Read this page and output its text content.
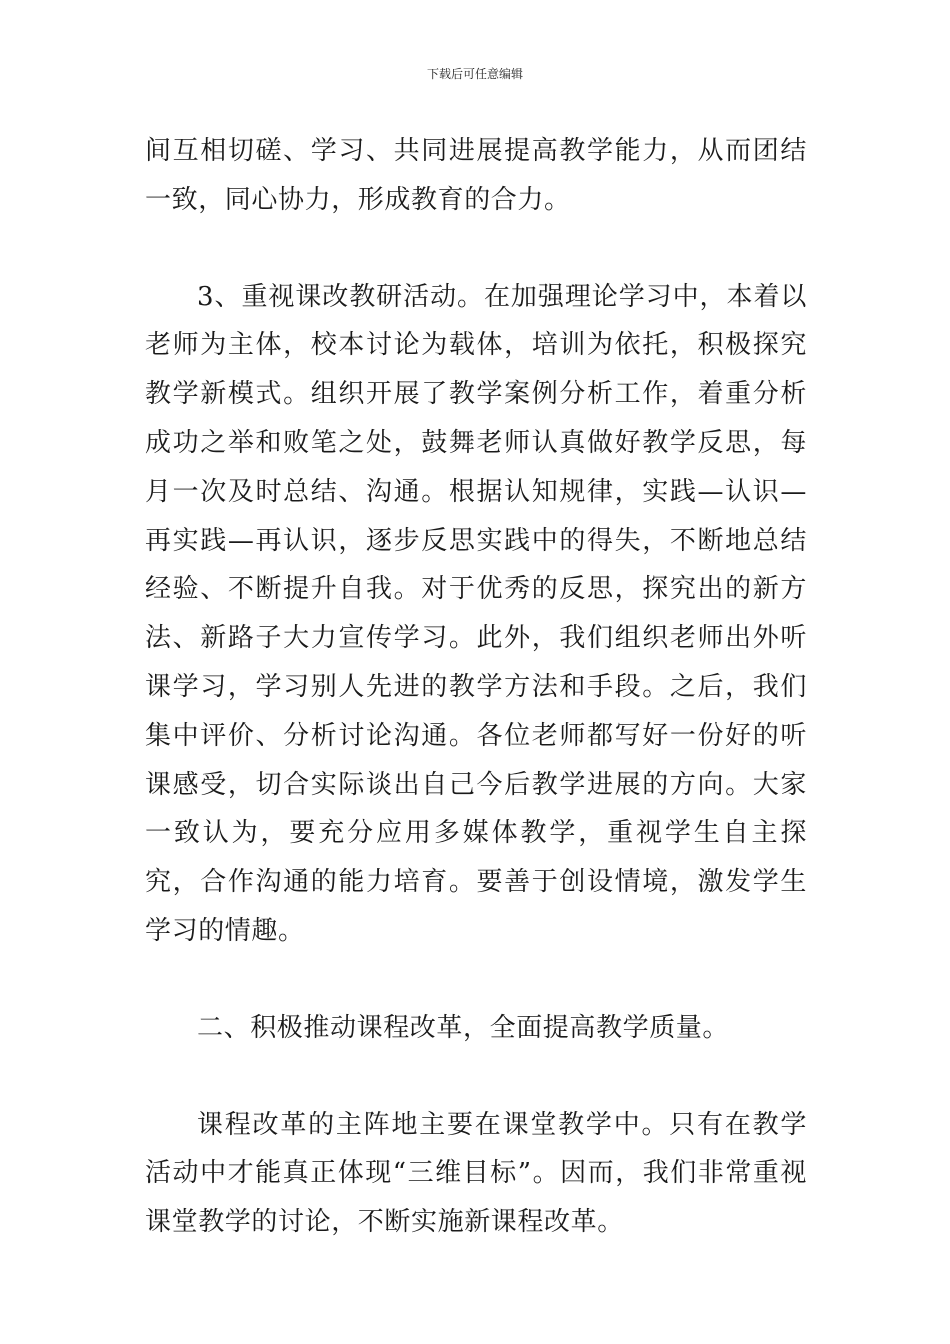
下载后可任意编辑

间互相切磋、学习、共同进展提高教学能力，从而团结一致，同心协力，形成教育的合力。

3、重视课改教研活动。在加强理论学习中，本着以老师为主体，校本讨论为载体，培训为依托，积极探究教学新模式。组织开展了教学案例分析工作，着重分析成功之举和败笔之处，鼓舞老师认真做好教学反思，每月一次及时总结、沟通。根据认知规律，实践—认识—再实践—再认识，逐步反思实践中的得失，不断地总结经验、不断提升自我。对于优秀的反思，探究出的新方法、新路子大力宣传学习。此外，我们组织老师出外听课学习，学习别人先进的教学方法和手段。之后，我们集中评价、分析讨论沟通。各位老师都写好一份好的听课感受，切合实际谈出自己今后教学进展的方向。大家一致认为，要充分应用多媒体教学，重视学生自主探究，合作沟通的能力培育。要善于创设情境，激发学生学习的情趣。

二、积极推动课程改革，全面提高教学质量。

课程改革的主阵地主要在课堂教学中。只有在教学活动中才能真正体现“三维目标”。因而，我们非常重视课堂教学的讨论，不断实施新课程改革。
